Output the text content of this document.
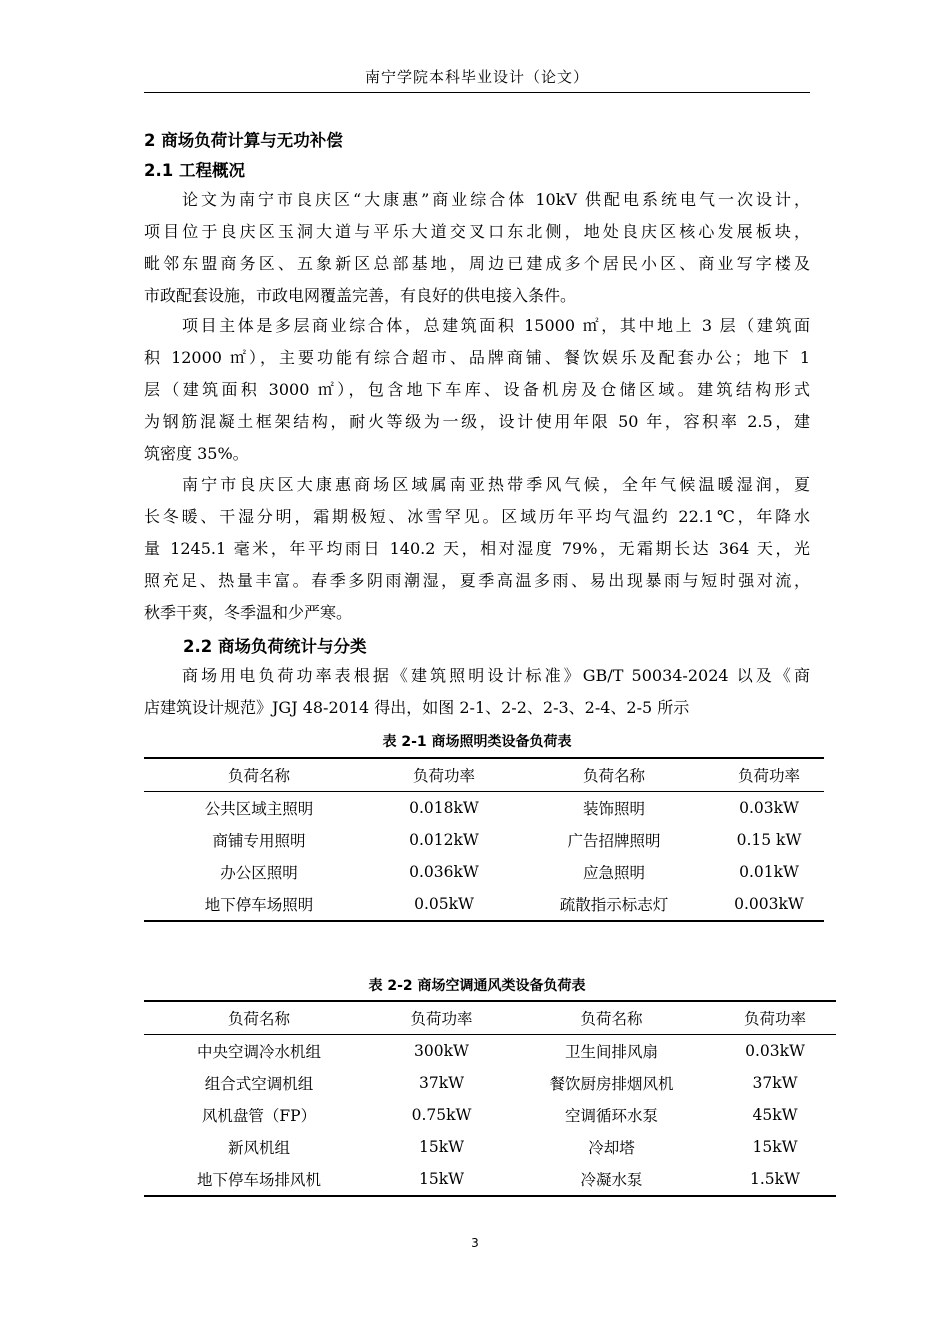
南宁学院本科毕业设计（论文）
2 商场负荷计算与无功补偿
2.1 工程概况
论文为南宁市良庆区“大康惠”商业综合体 10kV 供配电系统电气一次设计，
项目位于良庆区玉洞大道与平乐大道交叉口东北侧，地处良庆区核心发展板块，
毗邻东盟商务区、五象新区总部基地，周边已建成多个居民小区、商业写字楼及
市政配套设施，市政电网覆盖完善，有良好的供电接入条件。
项目主体是多层商业综合体，总建筑面积 15000 ㎡，其中地上 3 层（建筑面
积 12000 ㎡），主要功能有综合超市、品牌商铺、餐饮娱乐及配套办公；地下 1
层（建筑面积 3000 ㎡），包含地下车库、设备机房及仓储区域。建筑结构形式
为钢筋混凝土框架结构，耐火等级为一级，设计使用年限 50 年，容积率 2.5，建
筑密度 35%。
南宁市良庆区大康惠商场区域属南亚热带季风气候，全年气候温暖湿润，夏
长冬暖、干湿分明，霜期极短、冰雪罕见。区域历年平均气温约 22.1℃，年降水
量 1245.1 毫米，年平均雨日 140.2 天，相对湿度 79%，无霜期长达 364 天，光
照充足、热量丰富。春季多阴雨潮湿，夏季高温多雨、易出现暴雨与短时强对流，
秋季干爽，冬季温和少严寒。
2.2 商场负荷统计与分类
商场用电负荷功率表根据《建筑照明设计标准》GB/T 50034-2024 以及《商
店建筑设计规范》JGJ 48-2014 得出，如图 2-1、2-2、2-3、2-4、2-5 所示
表 2-1 商场照明类设备负荷表
负荷名称	负荷功率	负荷名称	负荷功率
公共区域主照明	0.018kW	装饰照明	0.03kW
商铺专用照明	0.012kW	广告招牌照明	0.15 kW
办公区照明	0.036kW	应急照明	0.01kW
地下停车场照明	0.05kW	疏散指示标志灯	0.003kW
表 2-2 商场空调通风类设备负荷表
负荷名称	负荷功率	负荷名称	负荷功率
中央空调冷水机组	300kW	卫生间排风扇	0.03kW
组合式空调机组	37kW	餐饮厨房排烟风机	37kW
风机盘管（FP）	0.75kW	空调循环水泵	45kW
新风机组	15kW	冷却塔	15kW
地下停车场排风机	15kW	冷凝水泵	1.5kW
3
